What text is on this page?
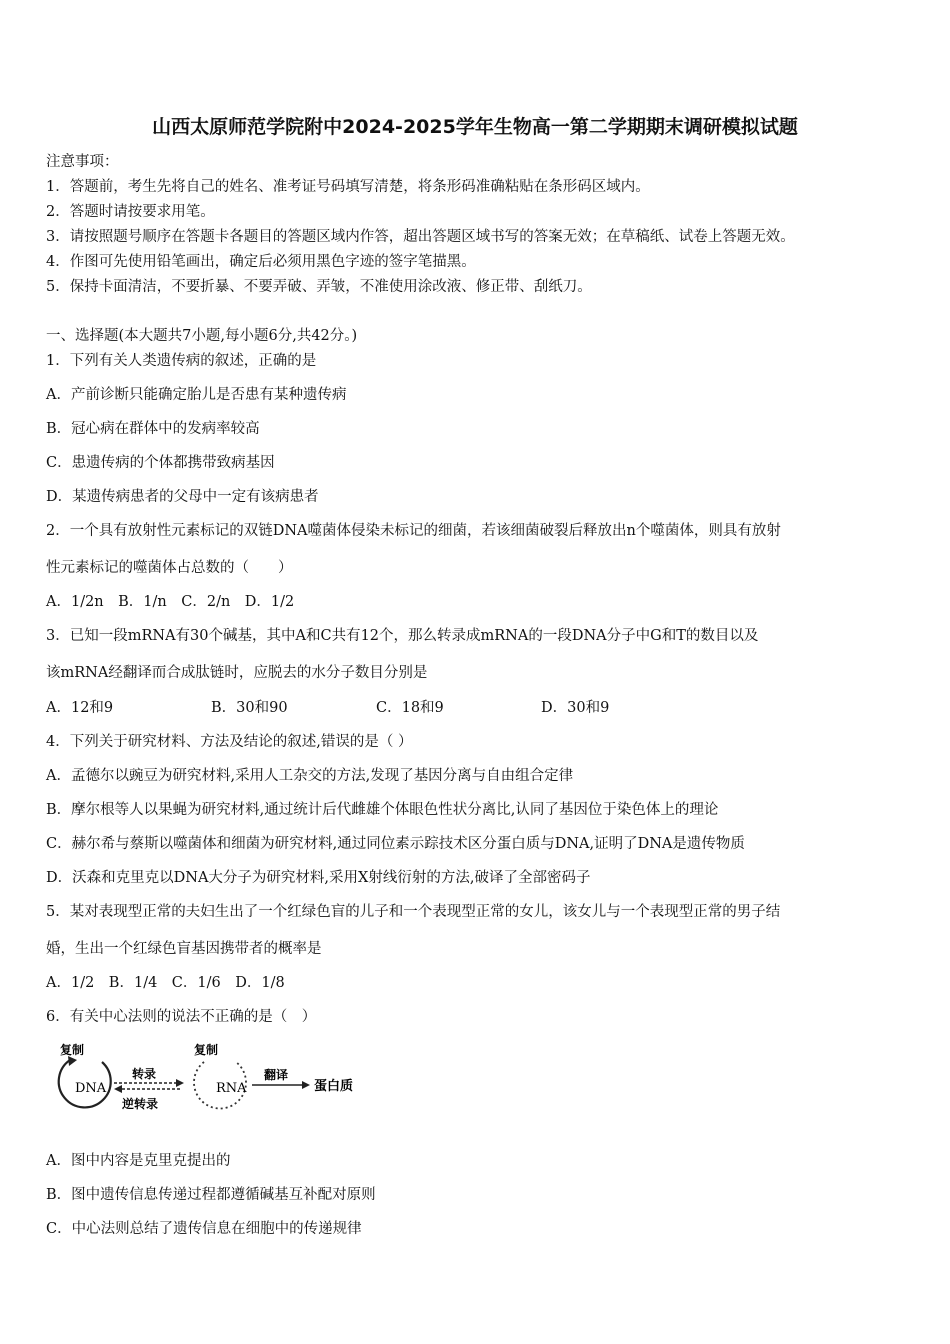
山西太原师范学院附中2024-2025学年生物高一第二学期期末调研模拟试题
注意事项：
1．答题前，考生先将自己的姓名、准考证号码填写清楚，将条形码准确粘贴在条形码区域内。
2．答题时请按要求用笔。
3．请按照题号顺序在答题卡各题目的答题区域内作答，超出答题区域书写的答案无效；在草稿纸、试卷上答题无效。
4．作图可先使用铅笔画出，确定后必须用黑色字迹的签字笔描黑。
5．保持卡面清洁，不要折暴、不要弄破、弄皱，不准使用涂改液、修正带、刮纸刀。
一、选择题(本大题共7小题,每小题6分,共42分。)
1．下列有关人类遗传病的叙述，正确的是
A．产前诊断只能确定胎儿是否患有某种遗传病
B．冠心病在群体中的发病率较高
C．患遗传病的个体都携带致病基因
D．某遗传病患者的父母中一定有该病患者
2．一个具有放射性元素标记的双链DNA噬菌体侵染未标记的细菌，若该细菌破裂后释放出n个噬菌体，则具有放射
性元素标记的噬菌体占总数的（　　）
A．1/2n　B．1/n　C．2/n　D．1/2
3．已知一段mRNA有30个碱基，其中A和C共有12个，那么转录成mRNA的一段DNA分子中G和T的数目以及
该mRNA经翻译而合成肽链时，应脱去的水分子数目分别是
A．12和9	B．30和90	C．18和9	D．30和9
4．下列关于研究材料、方法及结论的叙述,错误的是（ ）
A．孟德尔以豌豆为研究材料,采用人工杂交的方法,发现了基因分离与自由组合定律
B．摩尔根等人以果蝇为研究材料,通过统计后代雌雄个体眼色性状分离比,认同了基因位于染色体上的理论
C．赫尔希与蔡斯以噬菌体和细菌为研究材料,通过同位素示踪技术区分蛋白质与DNA,证明了DNA是遗传物质
D．沃森和克里克以DNA大分子为研究材料,采用X射线衍射的方法,破译了全部密码子
5．某对表现型正常的夫妇生出了一个红绿色盲的儿子和一个表现型正常的女儿，该女儿与一个表现型正常的男子结
婚，生出一个红绿色盲基因携带者的概率是
A．1/2　B．1/4　C．1/6　D．1/8
6．有关中心法则的说法不正确的是（　）
复制
DNA
转录
逆转录
复制
RNA
翻译
蛋白质
A．图中内容是克里克提出的
B．图中遗传信息传递过程都遵循碱基互补配对原则
C．中心法则总结了遗传信息在细胞中的传递规律
